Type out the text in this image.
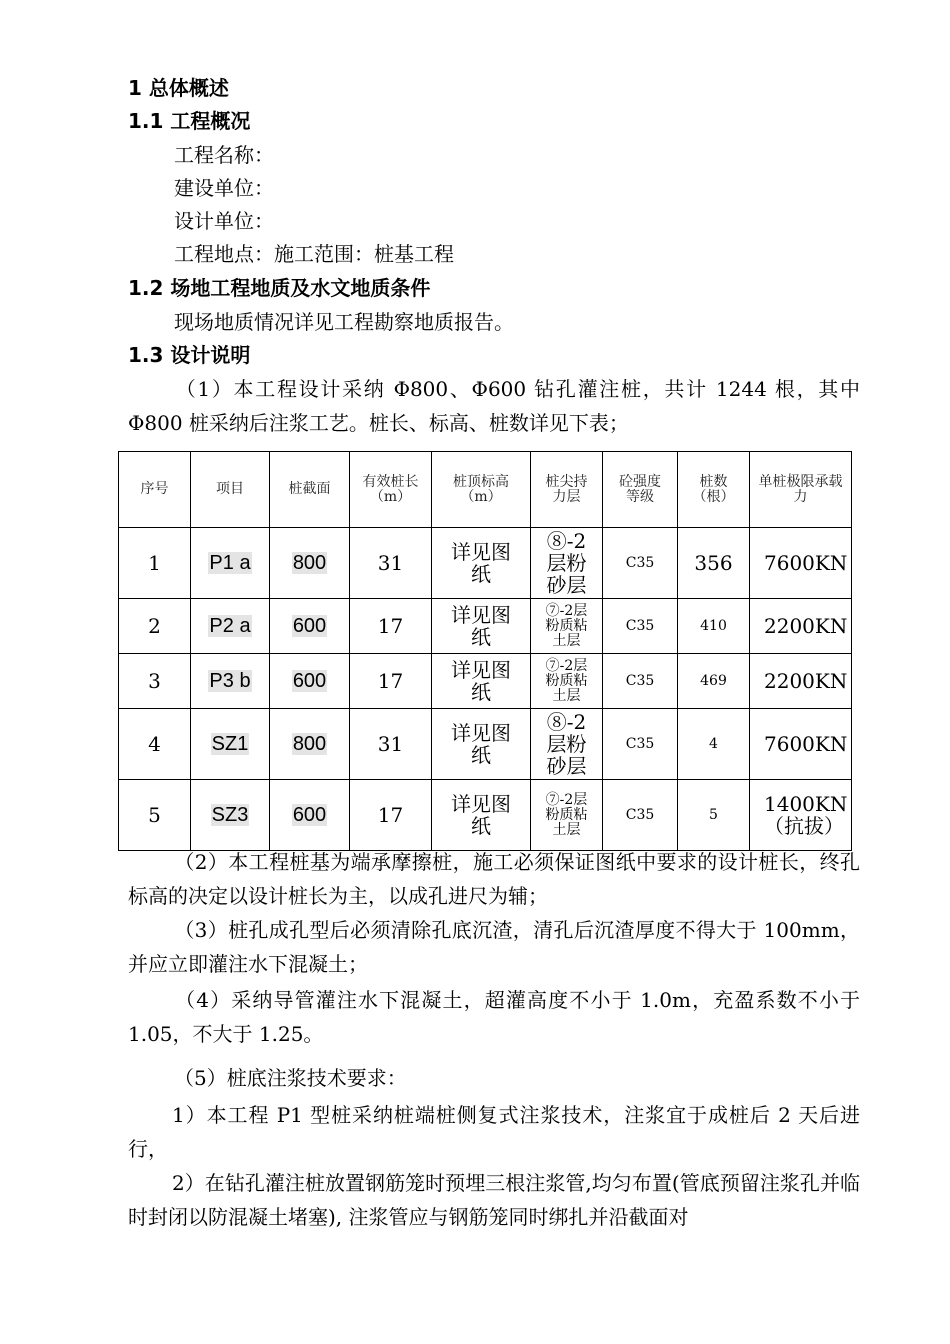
1 总体概述
1.1 工程概况
工程名称：
建设单位：
设计单位：
工程地点：施工范围：桩基工程
1.2 场地工程地质及水文地质条件
现场地质情况详见工程勘察地质报告。
1.3 设计说明
（1）本工程设计采纳 Φ800、Φ600 钻孔灌注桩，共计 1244 根，其中 Φ800 桩采纳后注浆工艺。桩长、标高、桩数详见下表；
序号	项目	桩截面	有效桩长（m）	桩顶标高（m）	桩尖持力层	砼强度等级	桩数（根）	单桩极限承载力
1	P1 a	800	31	详见图纸	⑧-2层粉砂层	C35	356	7600KN
2	P2 a	600	17	详见图纸	⑦-2层粉质粘土层	C35	410	2200KN
3	P3 b	600	17	详见图纸	⑦-2层粉质粘土层	C35	469	2200KN
4	SZ1	800	31	详见图纸	⑧-2层粉砂层	C35	4	7600KN
5	SZ3	600	17	详见图纸	⑦-2层粉质粘土层	C35	5	1400KN（抗拔）
（2）本工程桩基为端承摩擦桩，施工必须保证图纸中要求的设计桩长，终孔标高的决定以设计桩长为主，以成孔进尺为辅；
（3）桩孔成孔型后必须清除孔底沉渣，清孔后沉渣厚度不得大于 100mm，并应立即灌注水下混凝土；
（4）采纳导管灌注水下混凝土，超灌高度不小于 1.0m，充盈系数不小于 1.05，不大于 1.25。
（5）桩底注浆技术要求：
1）本工程 P1 型桩采纳桩端桩侧复式注浆技术，注浆宜于成桩后 2 天后进行，
2）在钻孔灌注桩放置钢筋笼时预埋三根注浆管,均匀布置(管底预留注浆孔并临时封闭以防混凝土堵塞), 注浆管应与钢筋笼同时绑扎并沿截面对
